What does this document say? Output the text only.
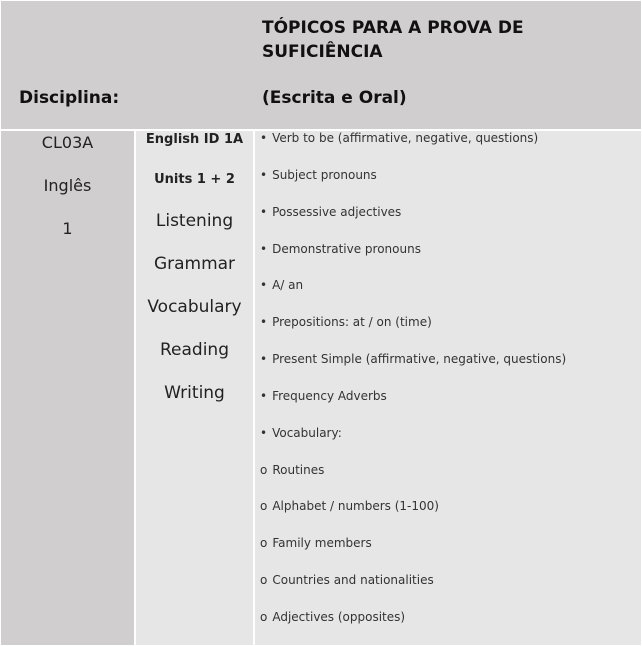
Disciplina:
TÓPICOS PARA A PROVA DE SUFICIÊNCIA
(Escrita e Oral)
CL03A
Inglês
1
English ID 1A
Units 1 + 2
Listening
Grammar
Vocabulary
Reading
Writing
• Verb to be (affirmative, negative, questions)
• Subject pronouns
• Possessive adjectives
• Demonstrative pronouns
• A/ an
• Prepositions: at / on (time)
• Present Simple (affirmative, negative, questions)
• Frequency Adverbs
• Vocabulary:
o Routines
o Alphabet / numbers (1-100)
o Family members
o Countries and nationalities
o Adjectives (opposites)
